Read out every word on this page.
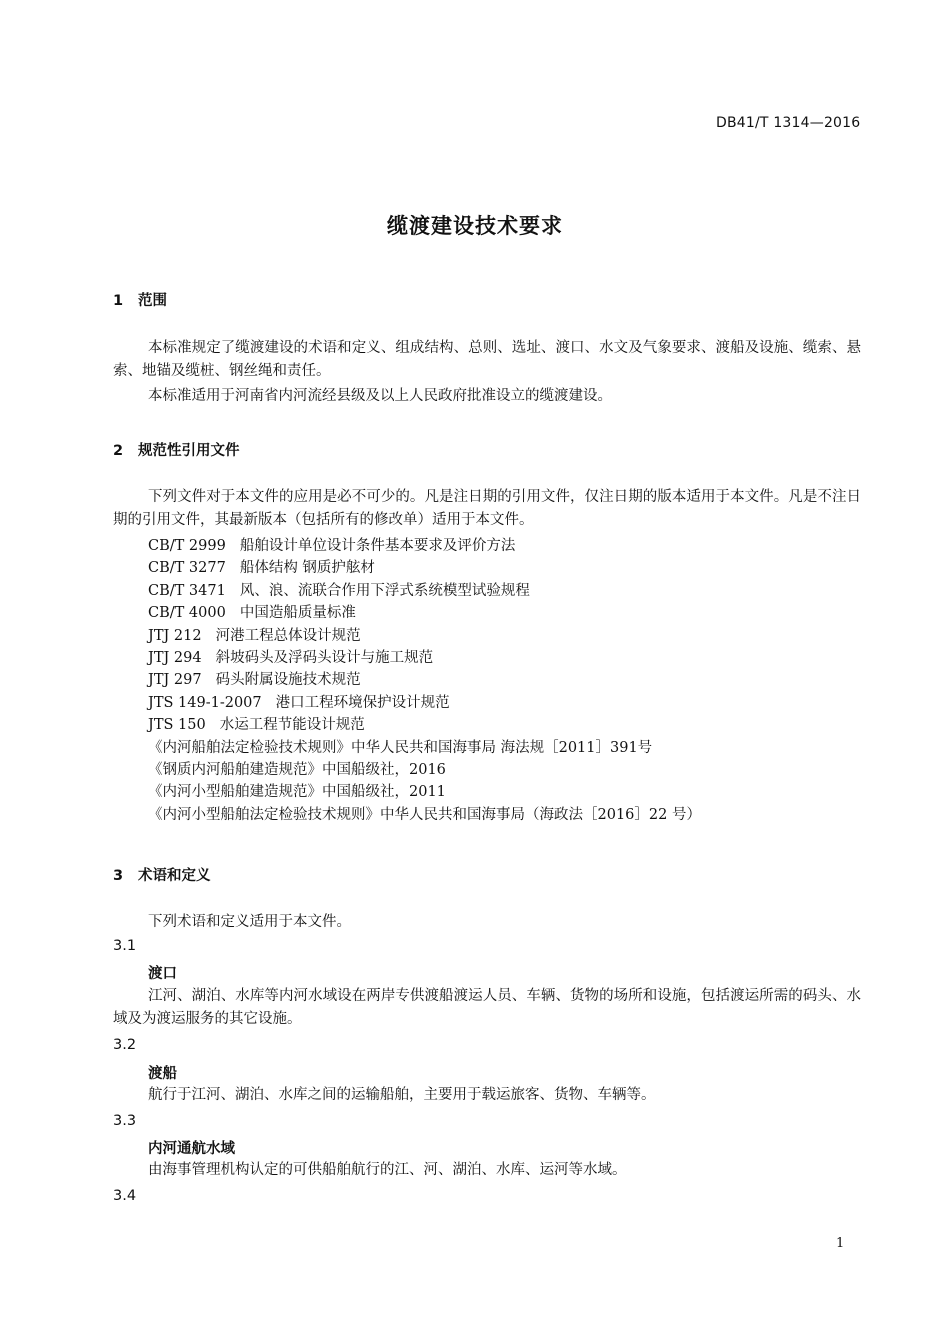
DB41/T 1314—2016
缆渡建设技术要求
1 范围
本标准规定了缆渡建设的术语和定义、组成结构、总则、选址、渡口、水文及气象要求、渡船及设施、缆索、悬索、地锚及缆桩、钢丝绳和责任。
本标准适用于河南省内河流经县级及以上人民政府批准设立的缆渡建设。
2 规范性引用文件
下列文件对于本文件的应用是必不可少的。凡是注日期的引用文件，仅注日期的版本适用于本文件。凡是不注日期的引用文件，其最新版本（包括所有的修改单）适用于本文件。
CB/T 2999 船舶设计单位设计条件基本要求及评价方法
CB/T 3277 船体结构 钢质护舷材
CB/T 3471 风、浪、流联合作用下浮式系统模型试验规程
CB/T 4000 中国造船质量标准
JTJ 212 河港工程总体设计规范
JTJ 294 斜坡码头及浮码头设计与施工规范
JTJ 297 码头附属设施技术规范
JTS 149-1-2007 港口工程环境保护设计规范
JTS 150 水运工程节能设计规范
《内河船舶法定检验技术规则》中华人民共和国海事局 海法规［2011］391号
《钢质内河船舶建造规范》中国船级社，2016
《内河小型船舶建造规范》中国船级社，2011
《内河小型船舶法定检验技术规则》中华人民共和国海事局（海政法［2016］22 号）
3 术语和定义
下列术语和定义适用于本文件。
3.1
渡口
江河、湖泊、水库等内河水域设在两岸专供渡船渡运人员、车辆、货物的场所和设施，包括渡运所需的码头、水域及为渡运服务的其它设施。
3.2
渡船
航行于江河、湖泊、水库之间的运输船舶，主要用于载运旅客、货物、车辆等。
3.3
内河通航水域
由海事管理机构认定的可供船舶航行的江、河、湖泊、水库、运河等水域。
3.4
1
